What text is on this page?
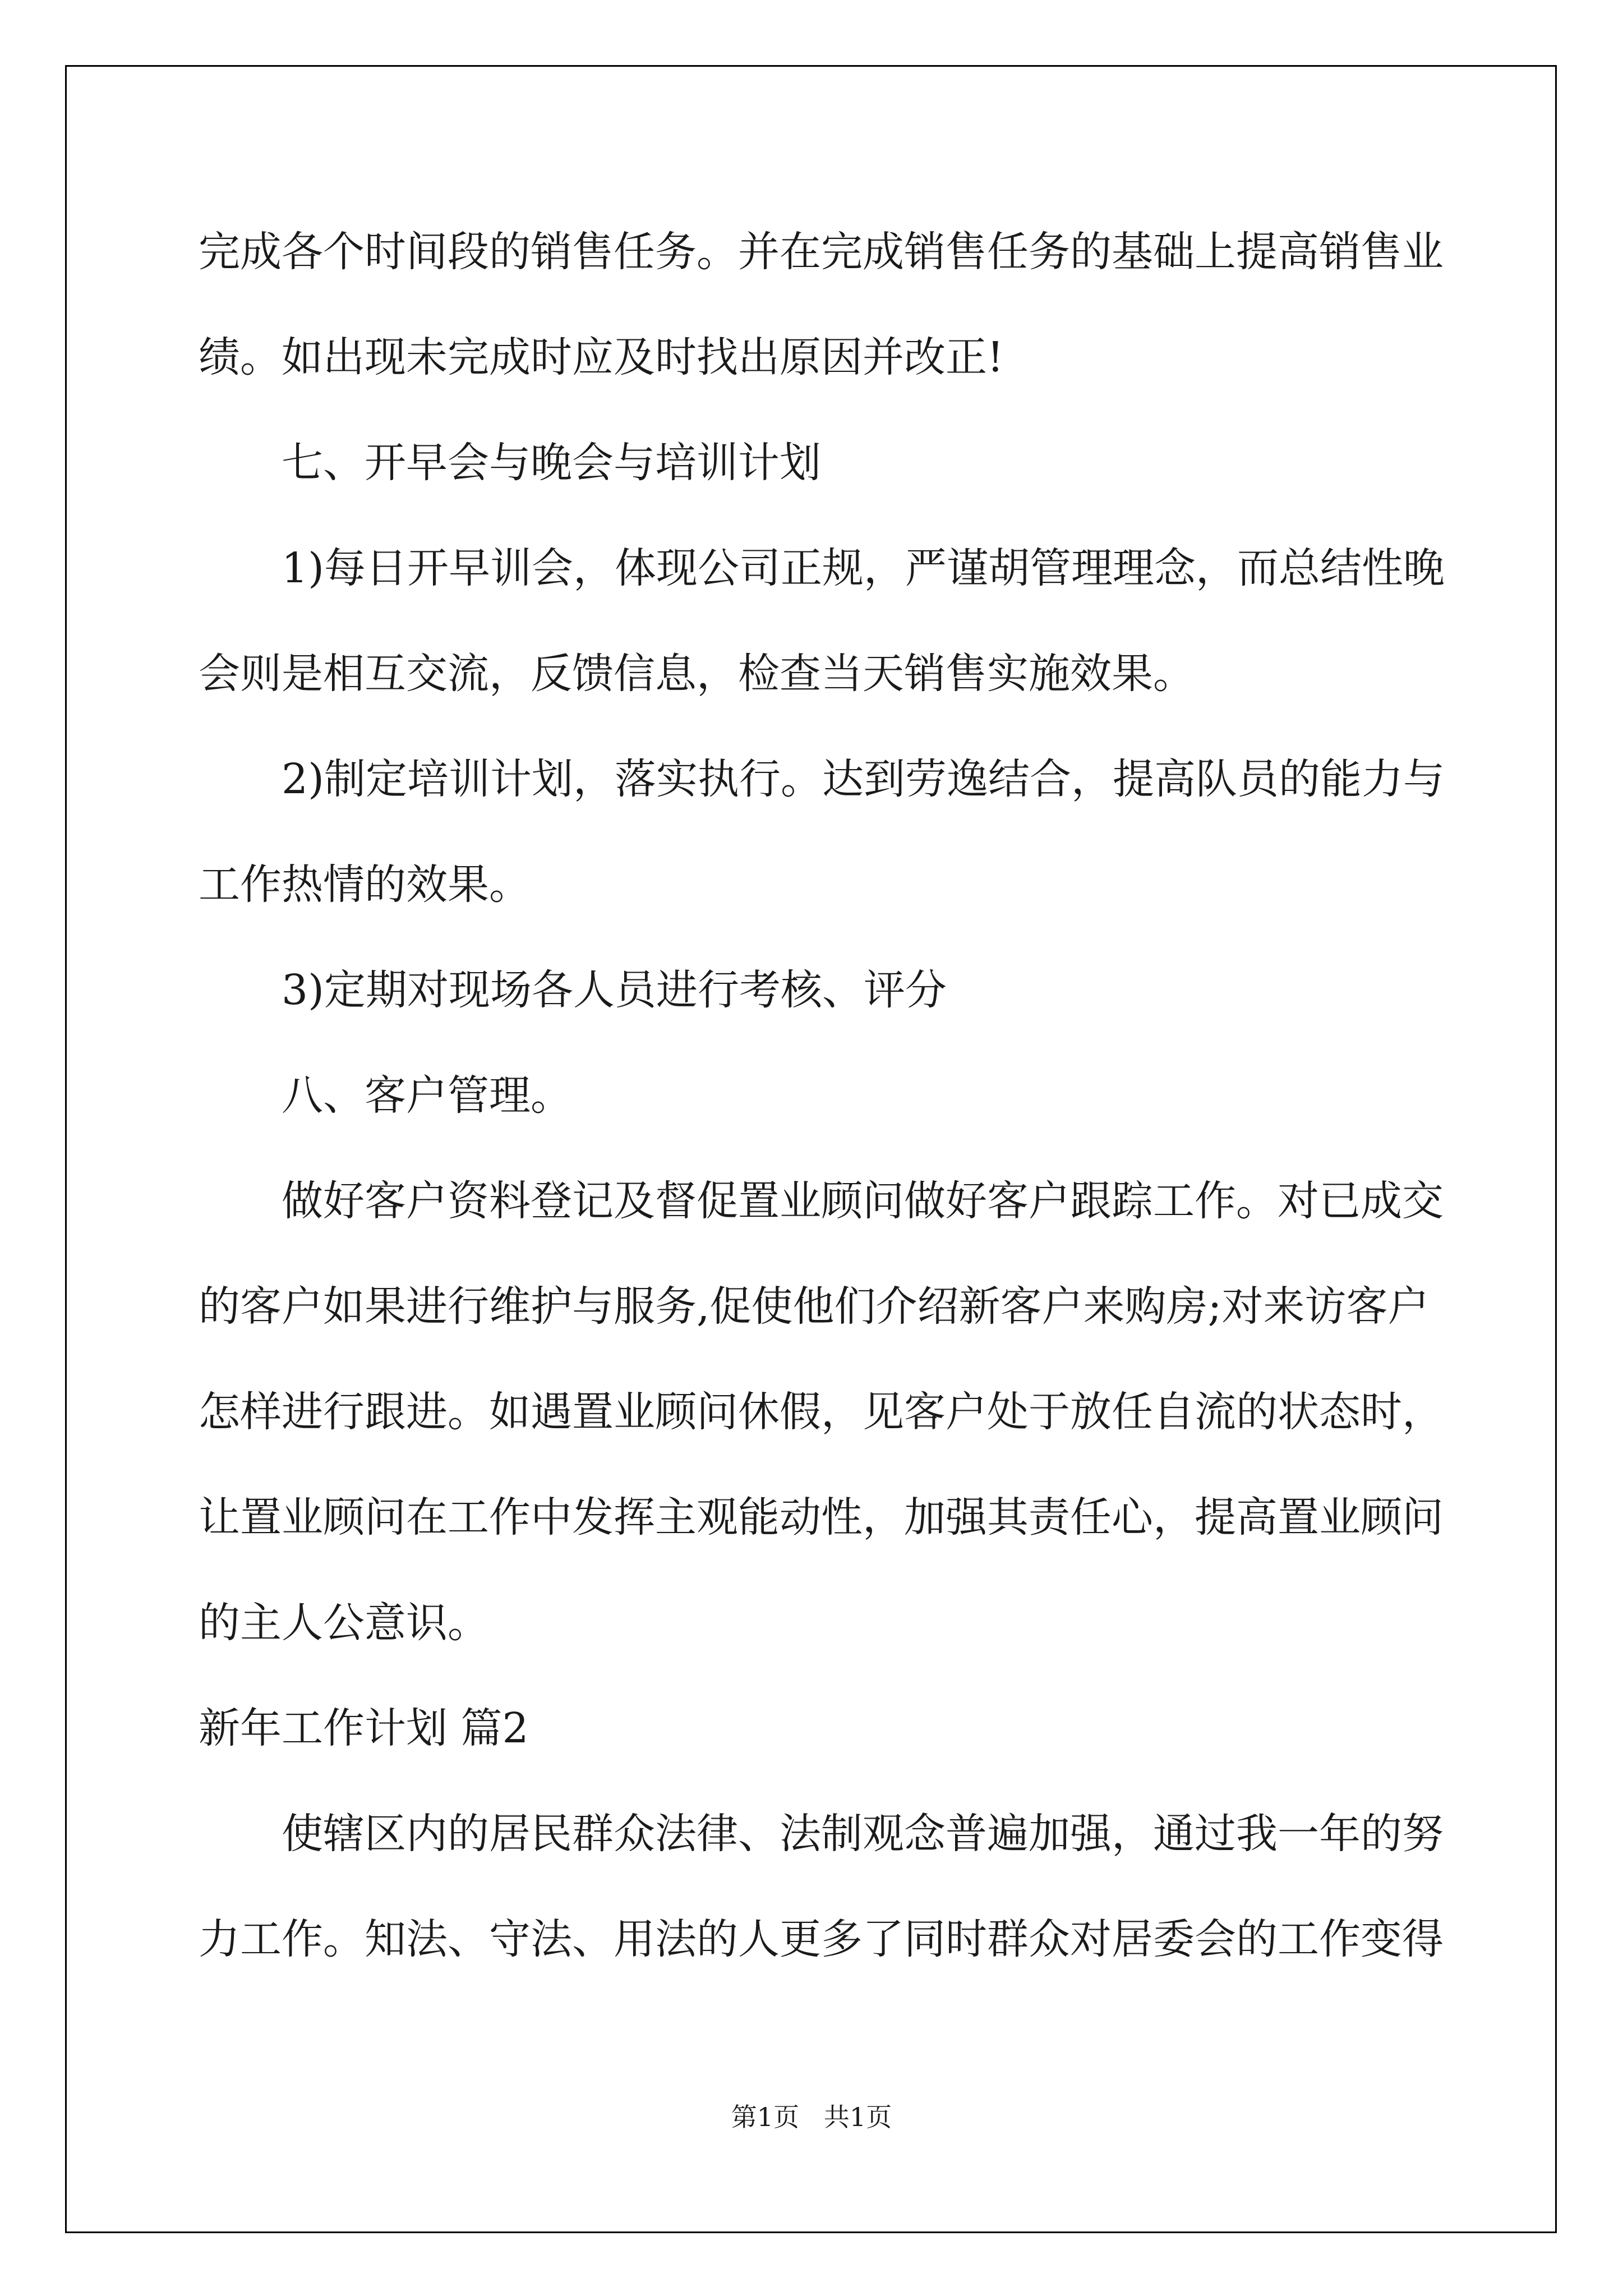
完成各个时间段的销售任务。并在完成销售任务的基础上提高销售业

绩。如出现未完成时应及时找出原因并改正!

七、开早会与晚会与培训计划

1)每日开早训会，体现公司正规，严谨胡管理理念，而总结性晚

会则是相互交流，反馈信息，检查当天销售实施效果。

2)制定培训计划，落实执行。达到劳逸结合，提高队员的能力与

工作热情的效果。

3)定期对现场各人员进行考核、评分

八、客户管理。

做好客户资料登记及督促置业顾问做好客户跟踪工作。对已成交

的客户如果进行维护与服务,促使他们介绍新客户来购房;对来访客户

怎样进行跟进。如遇置业顾问休假，见客户处于放任自流的状态时，

让置业顾问在工作中发挥主观能动性，加强其责任心，提高置业顾问

的主人公意识。

新年工作计划 篇2

使辖区内的居民群众法律、法制观念普遍加强，通过我一年的努

力工作。知法、守法、用法的人更多了同时群众对居委会的工作变得

第1页   共1页
